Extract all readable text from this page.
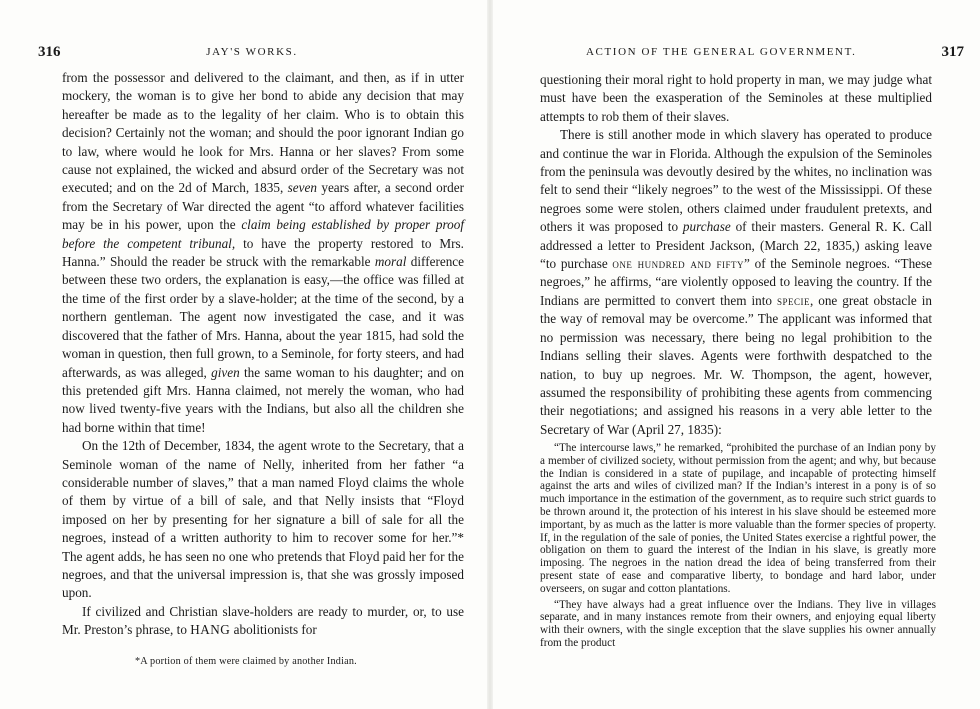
JAY'S WORKS.
316

from the possessor and delivered to the claimant, and then, as if in utter mockery, the woman is to give her bond to abide any decision that may hereafter be made as to the legality of her claim. Who is to obtain this decision? Certainly not the woman; and should the poor ignorant Indian go to law, where would he look for Mrs. Hanna or her slaves? From some cause not explained, the wicked and absurd order of the Secretary was not executed; and on the 2d of March, 1835, seven years after, a second order from the Secretary of War directed the agent “to afford whatever facilities may be in his power, upon the claim being established by proper proof before the competent tribunal, to have the property restored to Mrs. Hanna.” Should the reader be struck with the remarkable moral difference between these two orders, the explanation is easy,—the office was filled at the time of the first order by a slave-holder; at the time of the second, by a northern gentleman. The agent now investigated the case, and it was discovered that the father of Mrs. Hanna, about the year 1815, had sold the woman in question, then full grown, to a Seminole, for forty steers, and had afterwards, as was alleged, given the same woman to his daughter; and on this pretended gift Mrs. Hanna claimed, not merely the woman, who had now lived twenty-five years with the Indians, but also all the children she had borne within that time!

On the 12th of December, 1834, the agent wrote to the Secretary, that a Seminole woman of the name of Nelly, inherited from her father “a considerable number of slaves,” that a man named Floyd claims the whole of them by virtue of a bill of sale, and that Nelly insists that “Floyd imposed on her by presenting for her signature a bill of sale for all the negroes, instead of a written authority to him to recover some for her.”* The agent adds, he has seen no one who pretends that Floyd paid her for the negroes, and that the universal impression is, that she was grossly imposed upon.

If civilized and Christian slave-holders are ready to murder, or, to use Mr. Preston’s phrase, to HANG abolitionists for

*A portion of them were claimed by another Indian.
ACTION OF THE GENERAL GOVERNMENT.	317

questioning their moral right to hold property in man, we may judge what must have been the exasperation of the Seminoles at these multiplied attempts to rob them of their slaves.

There is still another mode in which slavery has operated to produce and continue the war in Florida. Although the expulsion of the Seminoles from the peninsula was devoutly desired by the whites, no inclination was felt to send their “likely negroes” to the west of the Mississippi. Of these negroes some were stolen, others claimed under fraudulent pretexts, and others it was proposed to purchase of their masters. General R. K. Call addressed a letter to President Jackson, (March 22, 1835,) asking leave “to purchase one hundred and fifty” of the Seminole negroes. “These negroes,” he affirms, “are violently opposed to leaving the country. If the Indians are permitted to convert them into specie, one great obstacle in the way of removal may be overcome.” The applicant was informed that no permission was necessary, there being no legal prohibition to the Indians selling their slaves. Agents were forthwith despatched to the nation, to buy up negroes. Mr. W. Thompson, the agent, however, assumed the responsibility of prohibiting these agents from commencing their negotiations; and assigned his reasons in a very able letter to the Secretary of War (April 27, 1835):

“The intercourse laws,” he remarked, “prohibited the purchase of an Indian pony by a member of civilized society, without permission from the agent; and why, but because the Indian is considered in a state of pupilage, and incapable of protecting himself against the arts and wiles of civilized man? If the Indian’s interest in a pony is of so much importance in the estimation of the government, as to require such strict guards to be thrown around it, the protection of his interest in his slave should be esteemed more important, by as much as the latter is more valuable than the former species of property. If, in the regulation of the sale of ponies, the United States exercise a rightful power, the obligation on them to guard the interest of the Indian in his slave, is greatly more imposing. The negroes in the nation dread the idea of being transferred from their present state of ease and comparative liberty, to bondage and hard labor, under overseers, on sugar and cotton plantations.

“They have always had a great influence over the Indians. They live in villages separate, and in many instances remote from their owners, and enjoying equal liberty with their owners, with the single exception that the slave supplies his owner annually from the product
